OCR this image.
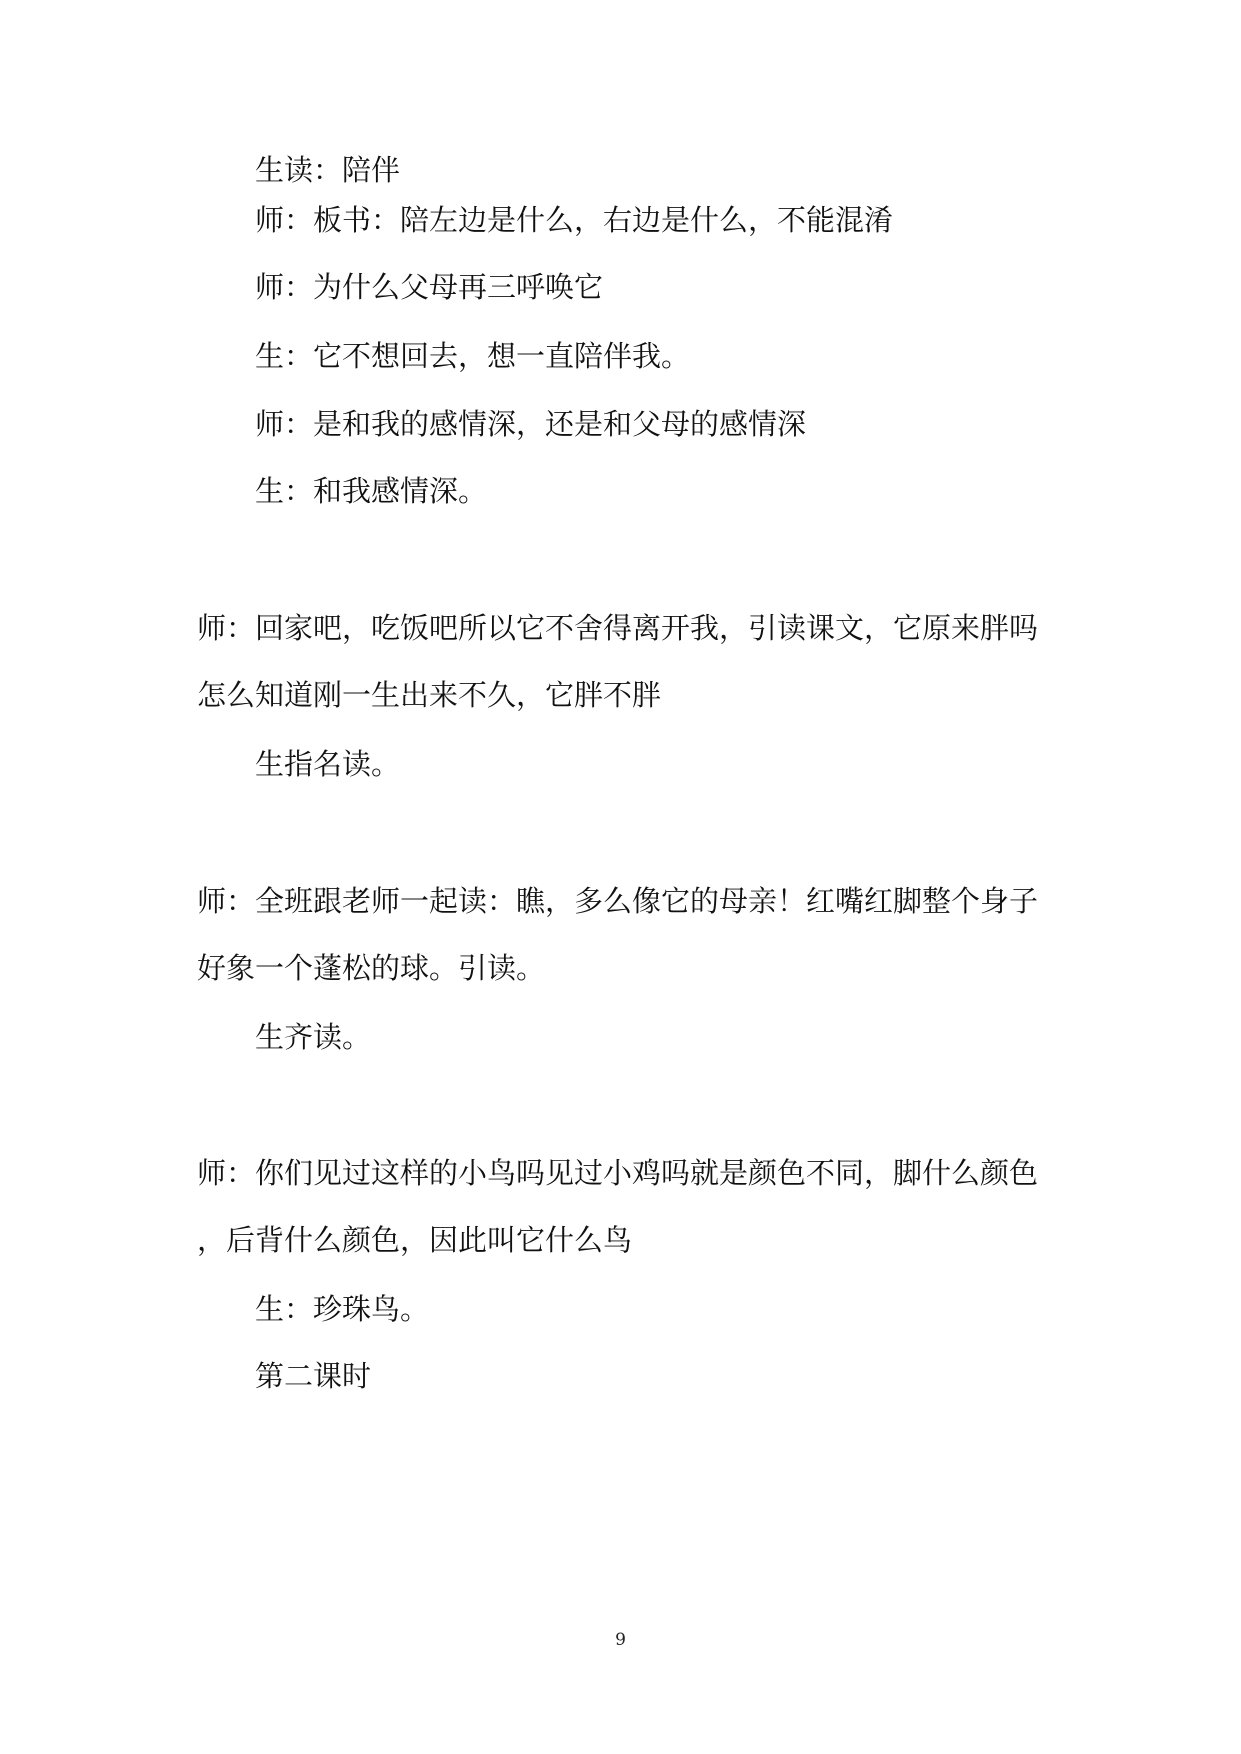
生读：陪伴

师：板书：陪左边是什么，右边是什么，不能混淆

师：为什么父母再三呼唤它

生：它不想回去，想一直陪伴我。

师：是和我的感情深，还是和父母的感情深

生：和我感情深。

师：回家吧，吃饭吧所以它不舍得离开我，引读课文，它原来胖吗

怎么知道刚一生出来不久，它胖不胖

生指名读。

师：全班跟老师一起读：瞧，多么像它的母亲！红嘴红脚整个身子

好象一个蓬松的球。引读。

生齐读。

师：你们见过这样的小鸟吗见过小鸡吗就是颜色不同，脚什么颜色

，后背什么颜色，因此叫它什么鸟

生：珍珠鸟。

第二课时

9
